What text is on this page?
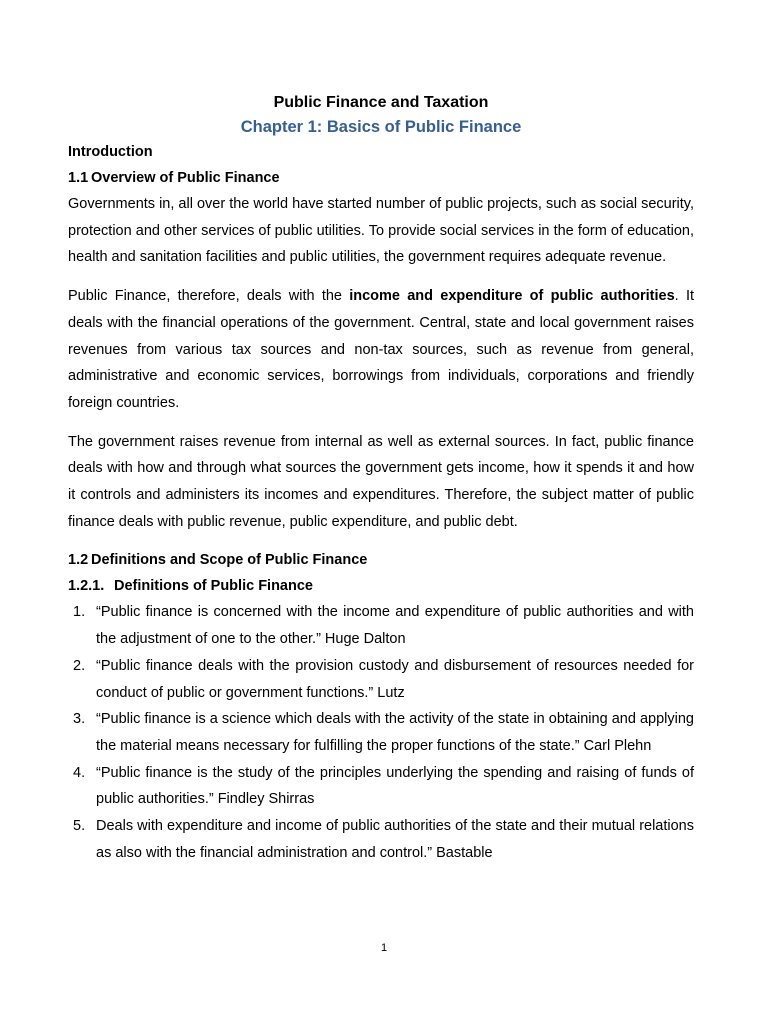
Public Finance and Taxation
Chapter 1: Basics of Public Finance

Introduction

1.1 Overview of Public Finance

Governments in, all over the world have started number of public projects, such as social security, protection and other services of public utilities. To provide social services in the form of education, health and sanitation facilities and public utilities, the government requires adequate revenue.

Public Finance, therefore, deals with the income and expenditure of public authorities. It deals with the financial operations of the government. Central, state and local government raises revenues from various tax sources and non-tax sources, such as revenue from general, administrative and economic services, borrowings from individuals, corporations and friendly foreign countries.

The government raises revenue from internal as well as external sources. In fact, public finance deals with how and through what sources the government gets income, how it spends it and how it controls and administers its incomes and expenditures. Therefore, the subject matter of public finance deals with public revenue, public expenditure, and public debt.

1.2 Definitions and Scope of Public Finance

1.2.1. Definitions of Public Finance

1. “Public finance is concerned with the income and expenditure of public authorities and with the adjustment of one to the other.” Huge Dalton
2. “Public finance deals with the provision custody and disbursement of resources needed for conduct of public or government functions.” Lutz
3. “Public finance is a science which deals with the activity of the state in obtaining and applying the material means necessary for fulfilling the proper functions of the state.” Carl Plehn
4. “Public finance is the study of the principles underlying the spending and raising of funds of public authorities.” Findley Shirras
5. Deals with expenditure and income of public authorities of the state and their mutual relations as also with the financial administration and control.” Bastable
1
